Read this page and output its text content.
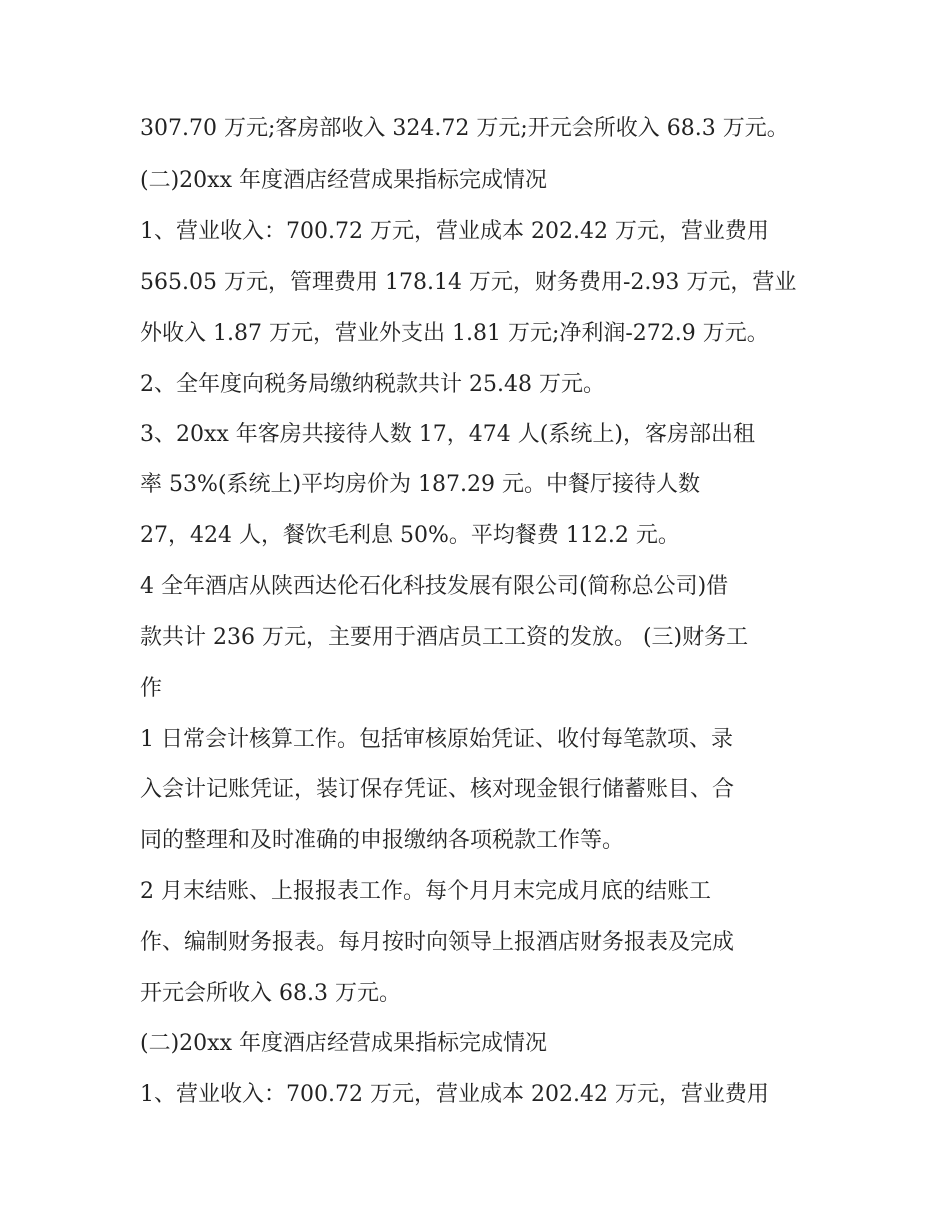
307.70 万元;客房部收入 324.72 万元;开元会所收入 68.3 万元。
(二)20xx 年度酒店经营成果指标完成情况
1、营业收入：700.72 万元，营业成本 202.42 万元，营业费用
565.05 万元，管理费用 178.14 万元，财务费用-2.93 万元，营业
外收入 1.87 万元，营业外支出 1.81 万元;净利润-272.9 万元。
2、全年度向税务局缴纳税款共计 25.48 万元。
3、20xx 年客房共接待人数 17，474 人(系统上)，客房部出租
率 53%(系统上)平均房价为 187.29 元。中餐厅接待人数
27，424 人，餐饮毛利息 50%。平均餐费 112.2 元。
4 全年酒店从陕西达伦石化科技发展有限公司(简称总公司)借
款共计 236 万元，主要用于酒店员工工资的发放。 (三)财务工
作
1 日常会计核算工作。包括审核原始凭证、收付每笔款项、录
入会计记账凭证，装订保存凭证、核对现金银行储蓄账目、合
同的整理和及时准确的申报缴纳各项税款工作等。
2 月末结账、上报报表工作。每个月月末完成月底的结账工
作、编制财务报表。每月按时向领导上报酒店财务报表及完成
开元会所收入 68.3 万元。
(二)20xx 年度酒店经营成果指标完成情况
1、营业收入：700.72 万元，营业成本 202.42 万元，营业费用
